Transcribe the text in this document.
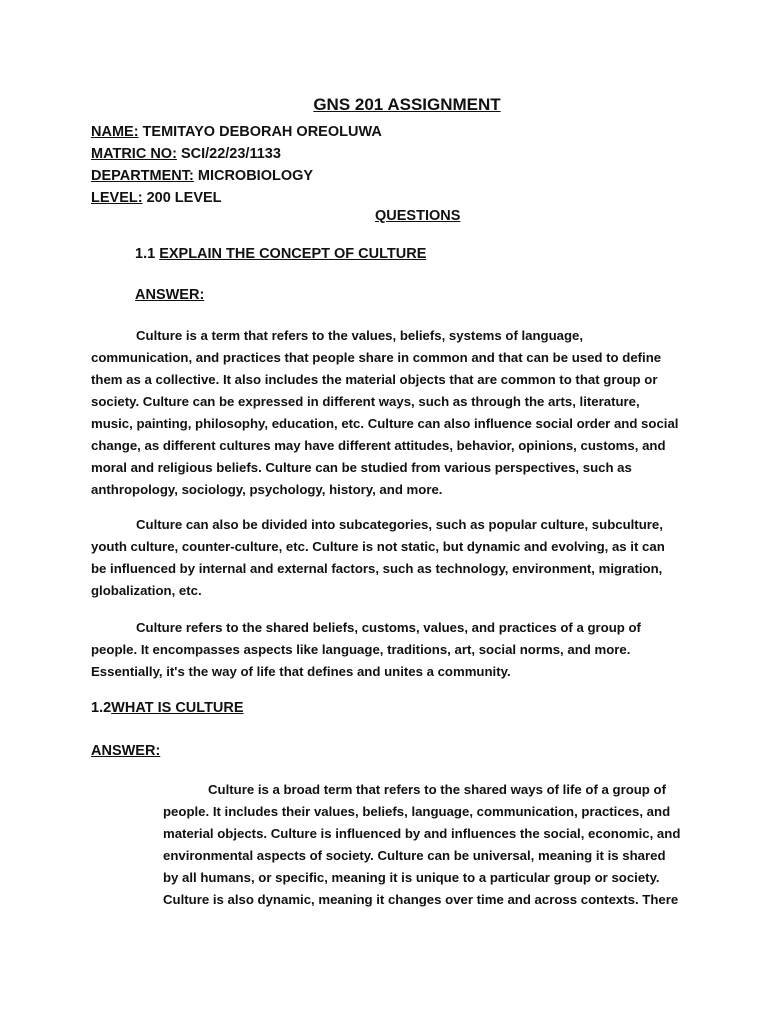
GNS 201 ASSIGNMENT
NAME: TEMITAYO DEBORAH OREOLUWA
MATRIC NO: SCI/22/23/1133
DEPARTMENT: MICROBIOLOGY
LEVEL: 200 LEVEL
QUESTIONS
1.1 EXPLAIN THE CONCEPT OF CULTURE
ANSWER:

Culture is a term that refers to the values, beliefs, systems of language, communication, and practices that people share in common and that can be used to define them as a collective. It also includes the material objects that are common to that group or society. Culture can be expressed in different ways, such as through the arts, literature, music, painting, philosophy, education, etc. Culture can also influence social order and social change, as different cultures may have different attitudes, behavior, opinions, customs, and moral and religious beliefs. Culture can be studied from various perspectives, such as anthropology, sociology, psychology, history, and more.

Culture can also be divided into subcategories, such as popular culture, subculture, youth culture, counter-culture, etc. Culture is not static, but dynamic and evolving, as it can be influenced by internal and external factors, such as technology, environment, migration, globalization, etc.

Culture refers to the shared beliefs, customs, values, and practices of a group of people. It encompasses aspects like language, traditions, art, social norms, and more. Essentially, it's the way of life that defines and unites a community.

1.2WHAT IS CULTURE
ANSWER:

Culture is a broad term that refers to the shared ways of life of a group of people. It includes their values, beliefs, language, communication, practices, and material objects. Culture is influenced by and influences the social, economic, and environmental aspects of society. Culture can be universal, meaning it is shared by all humans, or specific, meaning it is unique to a particular group or society. Culture is also dynamic, meaning it changes over time and across contexts. There
